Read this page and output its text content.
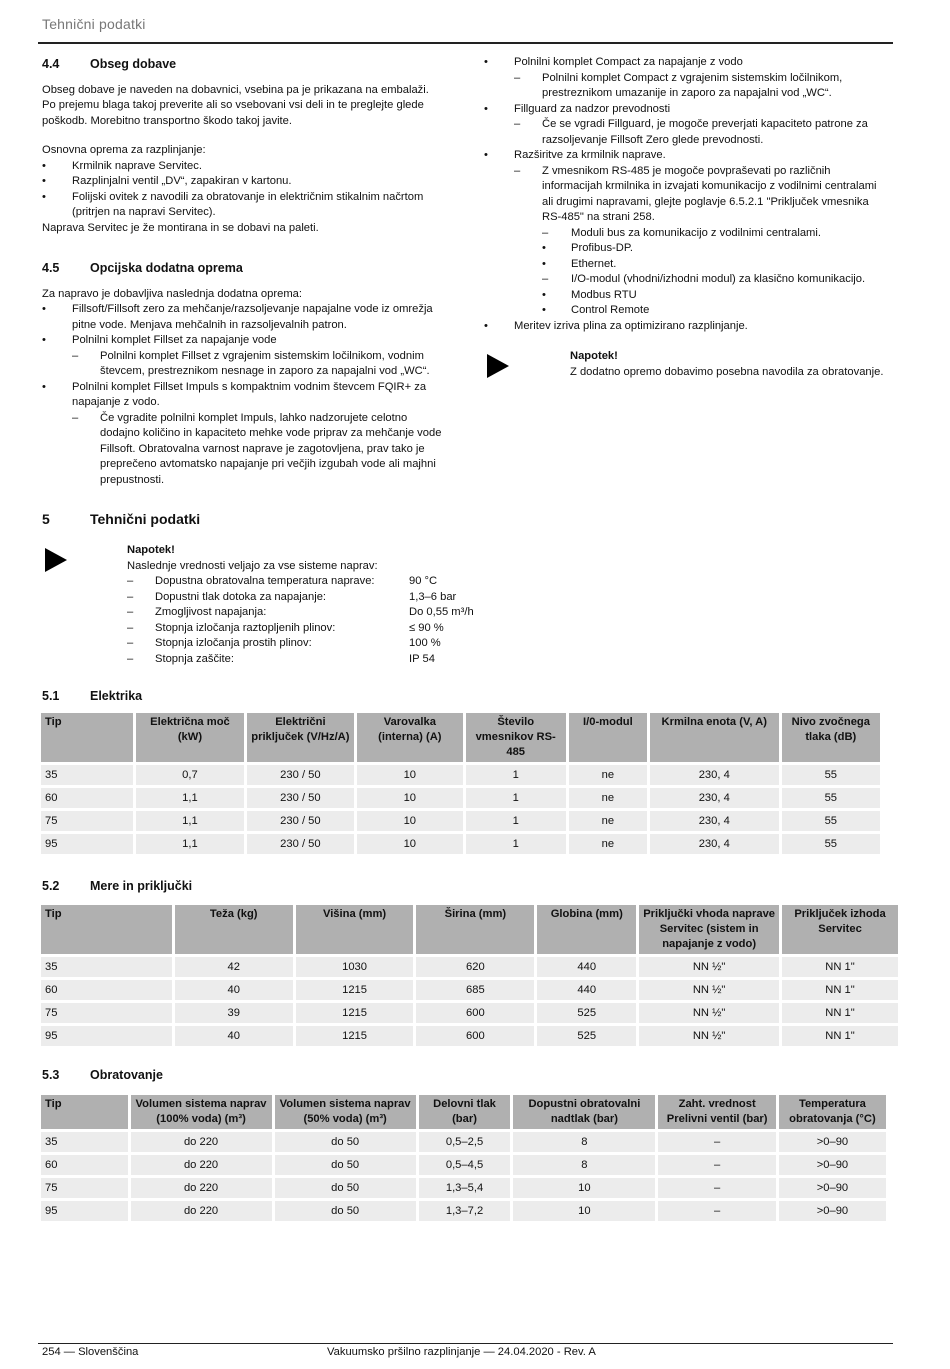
Tehnični podatki
4.4 Obseg dobave

Obseg dobave je naveden na dobavnici, vsebina pa je prikazana na embalaži. Po prejemu blaga takoj preverite ali so vsebovani vsi deli in te preglejte glede poškodb. Morebitno transportno škodo takoj javite.

Osnovna oprema za razplinjanje:

• Krmilnik naprave Servitec.
• Razplinjalni ventil „DV“, zapakiran v kartonu.
• Folijski ovitek z navodili za obratovanje in električnim stikalnim načrtom (pritrjen na napravi Servitec).

Naprava Servitec je že montirana in se dobavi na paleti.

4.5 Opcijska dodatna oprema

Za napravo je dobavljiva naslednja dodatna oprema:

• Fillsoft/Fillsoft zero za mehčanje/razsoljevanje napajalne vode iz omrežja pitne vode. Menjava mehčalnih in razsoljevalnih patron.
• Polnilni komplet Fillset za napajanje vode
– Polnilni komplet Fillset z vgrajenim sistemskim ločilnikom, vodnim števcem, prestreznikom nesnage in zaporo za napajalni vod „WC“.
• Polnilni komplet Fillset Impuls s kompaktnim vodnim števcem FQIR+ za napajanje z vodo.
– Če vgradite polnilni komplet Impuls, lahko nadzorujete celotno dodajno količino in kapaciteto mehke vode priprav za mehčanje vode Fillsoft. Obratovalna varnost naprave je zagotovljena, prav tako je preprečeno avtomatsko napajanje pri večjih izgubah vode ali majhni prepustnosti.
• Polnilni komplet Compact za napajanje z vodo
– Polnilni komplet Compact z vgrajenim sistemskim ločilnikom, prestreznikom umazanije in zaporo za napajalni vod „WC“.
• Fillguard za nadzor prevodnosti
– Če se vgradi Fillguard, je mogoče preverjati kapaciteto patrone za razsoljevanje Fillsoft Zero glede prevodnosti.
• Razširitve za krmilnik naprave.
– Z vmesnikom RS-485 je mogoče povpraševati po različnih informacijah krmilnika in izvajati komunikacijo z vodilnimi centralami ali drugimi napravami, glejte poglavje 6.5.2.1 "Priključek vmesnika RS-485" na strani 258.
–	Moduli bus za komunikacijo z vodilnimi centralami.
•	Profibus-DP.
•	Ethernet.
–	I/O-modul (vhodni/izhodni modul) za klasično komunikacijo.
•	Modbus RTU
•	Control Remote
• Meritev izriva plina za optimizirano razplinjanje.
Napotek!
Z dodatno opremo dobavimo posebna navodila za obratovanje.
5	Tehnični podatki
Napotek!
Naslednje vrednosti veljajo za vse sisteme naprav:
–	Dopustna obratovalna temperatura naprave:	90 °C
–	Dopustni tlak dotoka za napajanje:	1,3–6 bar
–	Zmogljivost napajanja:	Do 0,55 m³/h
–	Stopnja izločanja raztopljenih plinov:	≤ 90 %
–	Stopnja izločanja prostih plinov:	100 %
–	Stopnja zaščite:	IP 54
5.1 Elektrika
Tip	Električna moč (kW)	Električni priključek (V/Hz/A)	Varovalka (interna) (A)	Število vmesnikov RS-485	I/0-modul	Krmilna enota (V, A)	Nivo zvočnega tlaka (dB)
35	0,7	230 / 50	10	1	ne	230, 4	55
60	1,1	230 / 50	10	1	ne	230, 4	55
75	1,1	230 / 50	10	1	ne	230, 4	55
95	1,1	230 / 50	10	1	ne	230, 4	55
5.2 Mere in priključki
Tip	Teža (kg)	Višina (mm)	Širina (mm)	Globina (mm)	Priključki vhoda naprave Servitec (sistem in napajanje z vodo)	Priključek izhoda Servitec
35	42	1030	620	440	NN ½"	NN 1"
60	40	1215	685	440	NN ½"	NN 1"
75	39	1215	600	525	NN ½"	NN 1"
95	40	1215	600	525	NN ½"	NN 1"
5.3 Obratovanje
Tip	Volumen sistema naprav (100% voda) (m³)	Volumen sistema naprav (50% voda) (m³)	Delovni tlak (bar)	Dopustni obratovalni nadtlak (bar)	Zaht. vrednost Prelivni ventil (bar)	Temperatura obratovanja (°C)
35	do 220	do 50	0,5–2,5	8	–	>0–90
60	do 220	do 50	0,5–4,5	8	–	>0–90
75	do 220	do 50	1,3–5,4	10	–	>0–90
95	do 220	do 50	1,3–7,2	10	–	>0–90
254 — Slovenščina	Vakuumsko pršilno razplinjanje — 24.04.2020 - Rev. A
